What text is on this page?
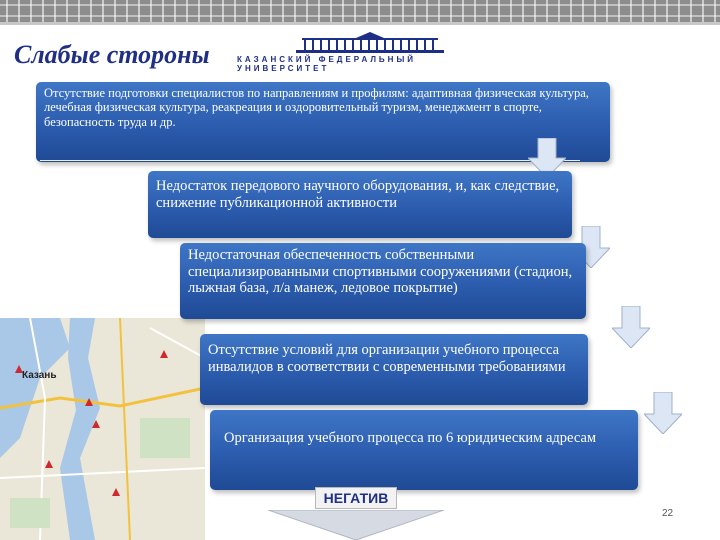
Слабые стороны	КАЗАНСКИЙ ФЕДЕРАЛЬНЫЙ УНИВЕРСИТЕТ
Казань
Отсутствие подготовки специалистов по направлениям и профилям: адаптивная физическая культура, лечебная физическая культура, реакреация и оздоровительный туризм, менеджмент в спорте, безопасность труда и др.
Недостаток передового научного оборудования, и, как следствие, снижение публикационной активности
Недостаточная обеспеченность собственными специализированными спортивными сооружениями (стадион, лыжная база, л/а манеж, ледовое покрытие)
Отсутствие условий для организации учебного процесса инвалидов в соответствии с современными требованиями
Организация учебного процесса по 6 юридическим адресам
НЕГАТИВ
22
